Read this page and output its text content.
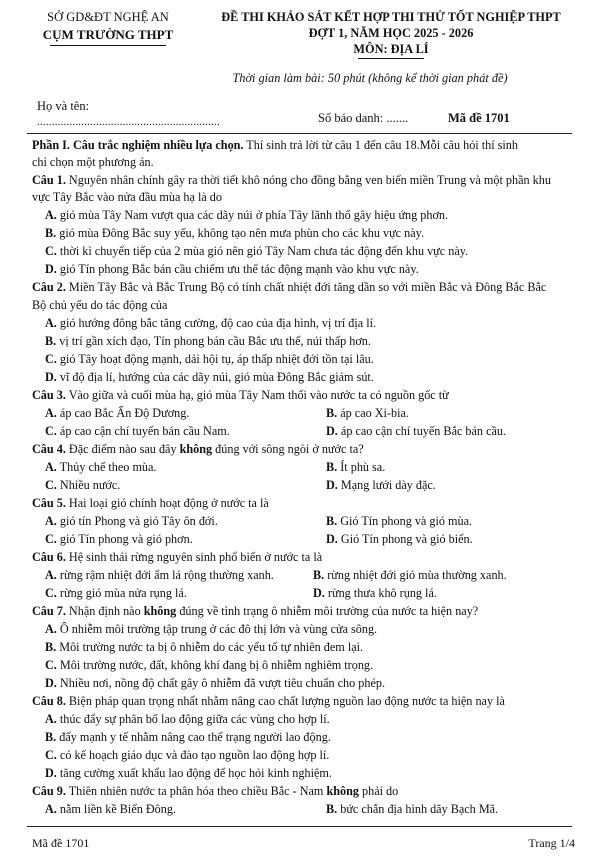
SỞ GD&ĐT NGHỆ AN
CỤM TRƯỜNG THPT
ĐỀ THI KHẢO SÁT KẾT HỢP THI THỬ TỐT NGHIỆP THPT
ĐỢT 1, NĂM HỌC 2025 - 2026
MÔN: ĐỊA LÍ
Thời gian làm bài: 50 phút (không kể thời gian phát đề)
Họ và tên:
..............................................................	Số báo danh: .......	Mã đề 1701
Phần I. Câu trắc nghiệm nhiều lựa chọn. Thí sinh trả lời từ câu 1 đến câu 18.Mỗi câu hỏi thí sinh
chỉ chọn một phương án.
Câu 1. Nguyên nhân chính gây ra thời tiết khô nóng cho đồng bằng ven biển miền Trung và một phần khu
vực Tây Bắc vào nửa đầu mùa hạ là do
A. gió mùa Tây Nam vượt qua các dãy núi ở phía Tây lãnh thổ gây hiệu ứng phơn.
B. gió mùa Đông Bắc suy yếu, không tạo nên mưa phùn cho các khu vực này.
C. thời kì chuyển tiếp của 2 mùa gió nên gió Tây Nam chưa tác động đến khu vực này.
D. gió Tín phong Bắc bán cầu chiếm ưu thế tác động mạnh vào khu vực này.
Câu 2. Miền Tây Bắc và Bắc Trung Bộ có tính chất nhiệt đới tăng dần so với miền Bắc và Đông Bắc Bắc
Bộ chủ yếu do tác động của
A. gió hướng đông bắc tăng cường, độ cao của địa hình, vị trí địa lí.
B. vị trí gần xích đạo, Tín phong bán cầu Bắc ưu thế, núi thấp hơn.
C. gió Tây hoạt động mạnh, dải hội tụ, áp thấp nhiệt đới tồn tại lâu.
D. vĩ độ địa lí, hướng của các dãy núi, gió mùa Đông Bắc giảm sút.
Câu 3. Vào giữa và cuối mùa hạ, gió mùa Tây Nam thổi vào nước ta có nguồn gốc từ
A. áp cao Bắc Ấn Độ Dương.	B. áp cao Xi-bia.
C. áp cao cận chí tuyến bán cầu Nam.	D. áp cao cận chí tuyến Bắc bán cầu.
Câu 4. Đặc điểm nào sau đây không đúng với sông ngòi ở nước ta?
A. Thủy chế theo mùa.	B. Ít phù sa.
C. Nhiều nước.	D. Mạng lưới dày đặc.
Câu 5. Hai loại gió chính hoạt động ở nước ta là
A. gió tín Phong và gió Tây ôn đới.	B. Gió Tín phong và gió mùa.
C. gió Tín phong và gió phơn.	D. Gió Tín phong và gió biển.
Câu 6. Hệ sinh thái rừng nguyên sinh phổ biến ở nước ta là
A. rừng rậm nhiệt đới ẩm lá rộng thường xanh.	B. rừng nhiệt đới gió mùa thường xanh.
C. rừng gió mùa nửa rụng lá.	D. rừng thưa khô rụng lá.
Câu 7. Nhận định nào không đúng về tình trạng ô nhiễm môi trường của nước ta hiện nay?
A. Ô nhiễm môi trường tập trung ở các đô thị lớn và vùng cửa sông.
B. Môi trường nước ta bị ô nhiễm do các yếu tố tự nhiên đem lại.
C. Môi trường nước, đất, không khí đang bị ô nhiễm nghiêm trọng.
D. Nhiều nơi, nồng độ chất gây ô nhiễm đã vượt tiêu chuẩn cho phép.
Câu 8. Biện pháp quan trọng nhất nhằm nâng cao chất lượng nguồn lao động nước ta hiện nay là
A. thúc đẩy sự phân bố lao động giữa các vùng cho hợp lí.
B. đẩy mạnh y tế nhằm nâng cao thể trạng người lao động.
C. có kế hoạch giáo dục và đào tạo nguồn lao động hợp lí.
D. tăng cường xuất khẩu lao động để học hỏi kinh nghiệm.
Câu 9. Thiên nhiên nước ta phân hóa theo chiều Bắc - Nam không phải do
A. nằm liền kề Biển Đông.	B. bức chắn địa hình dãy Bạch Mã.
Mã đề 1701	Trang 1/4
